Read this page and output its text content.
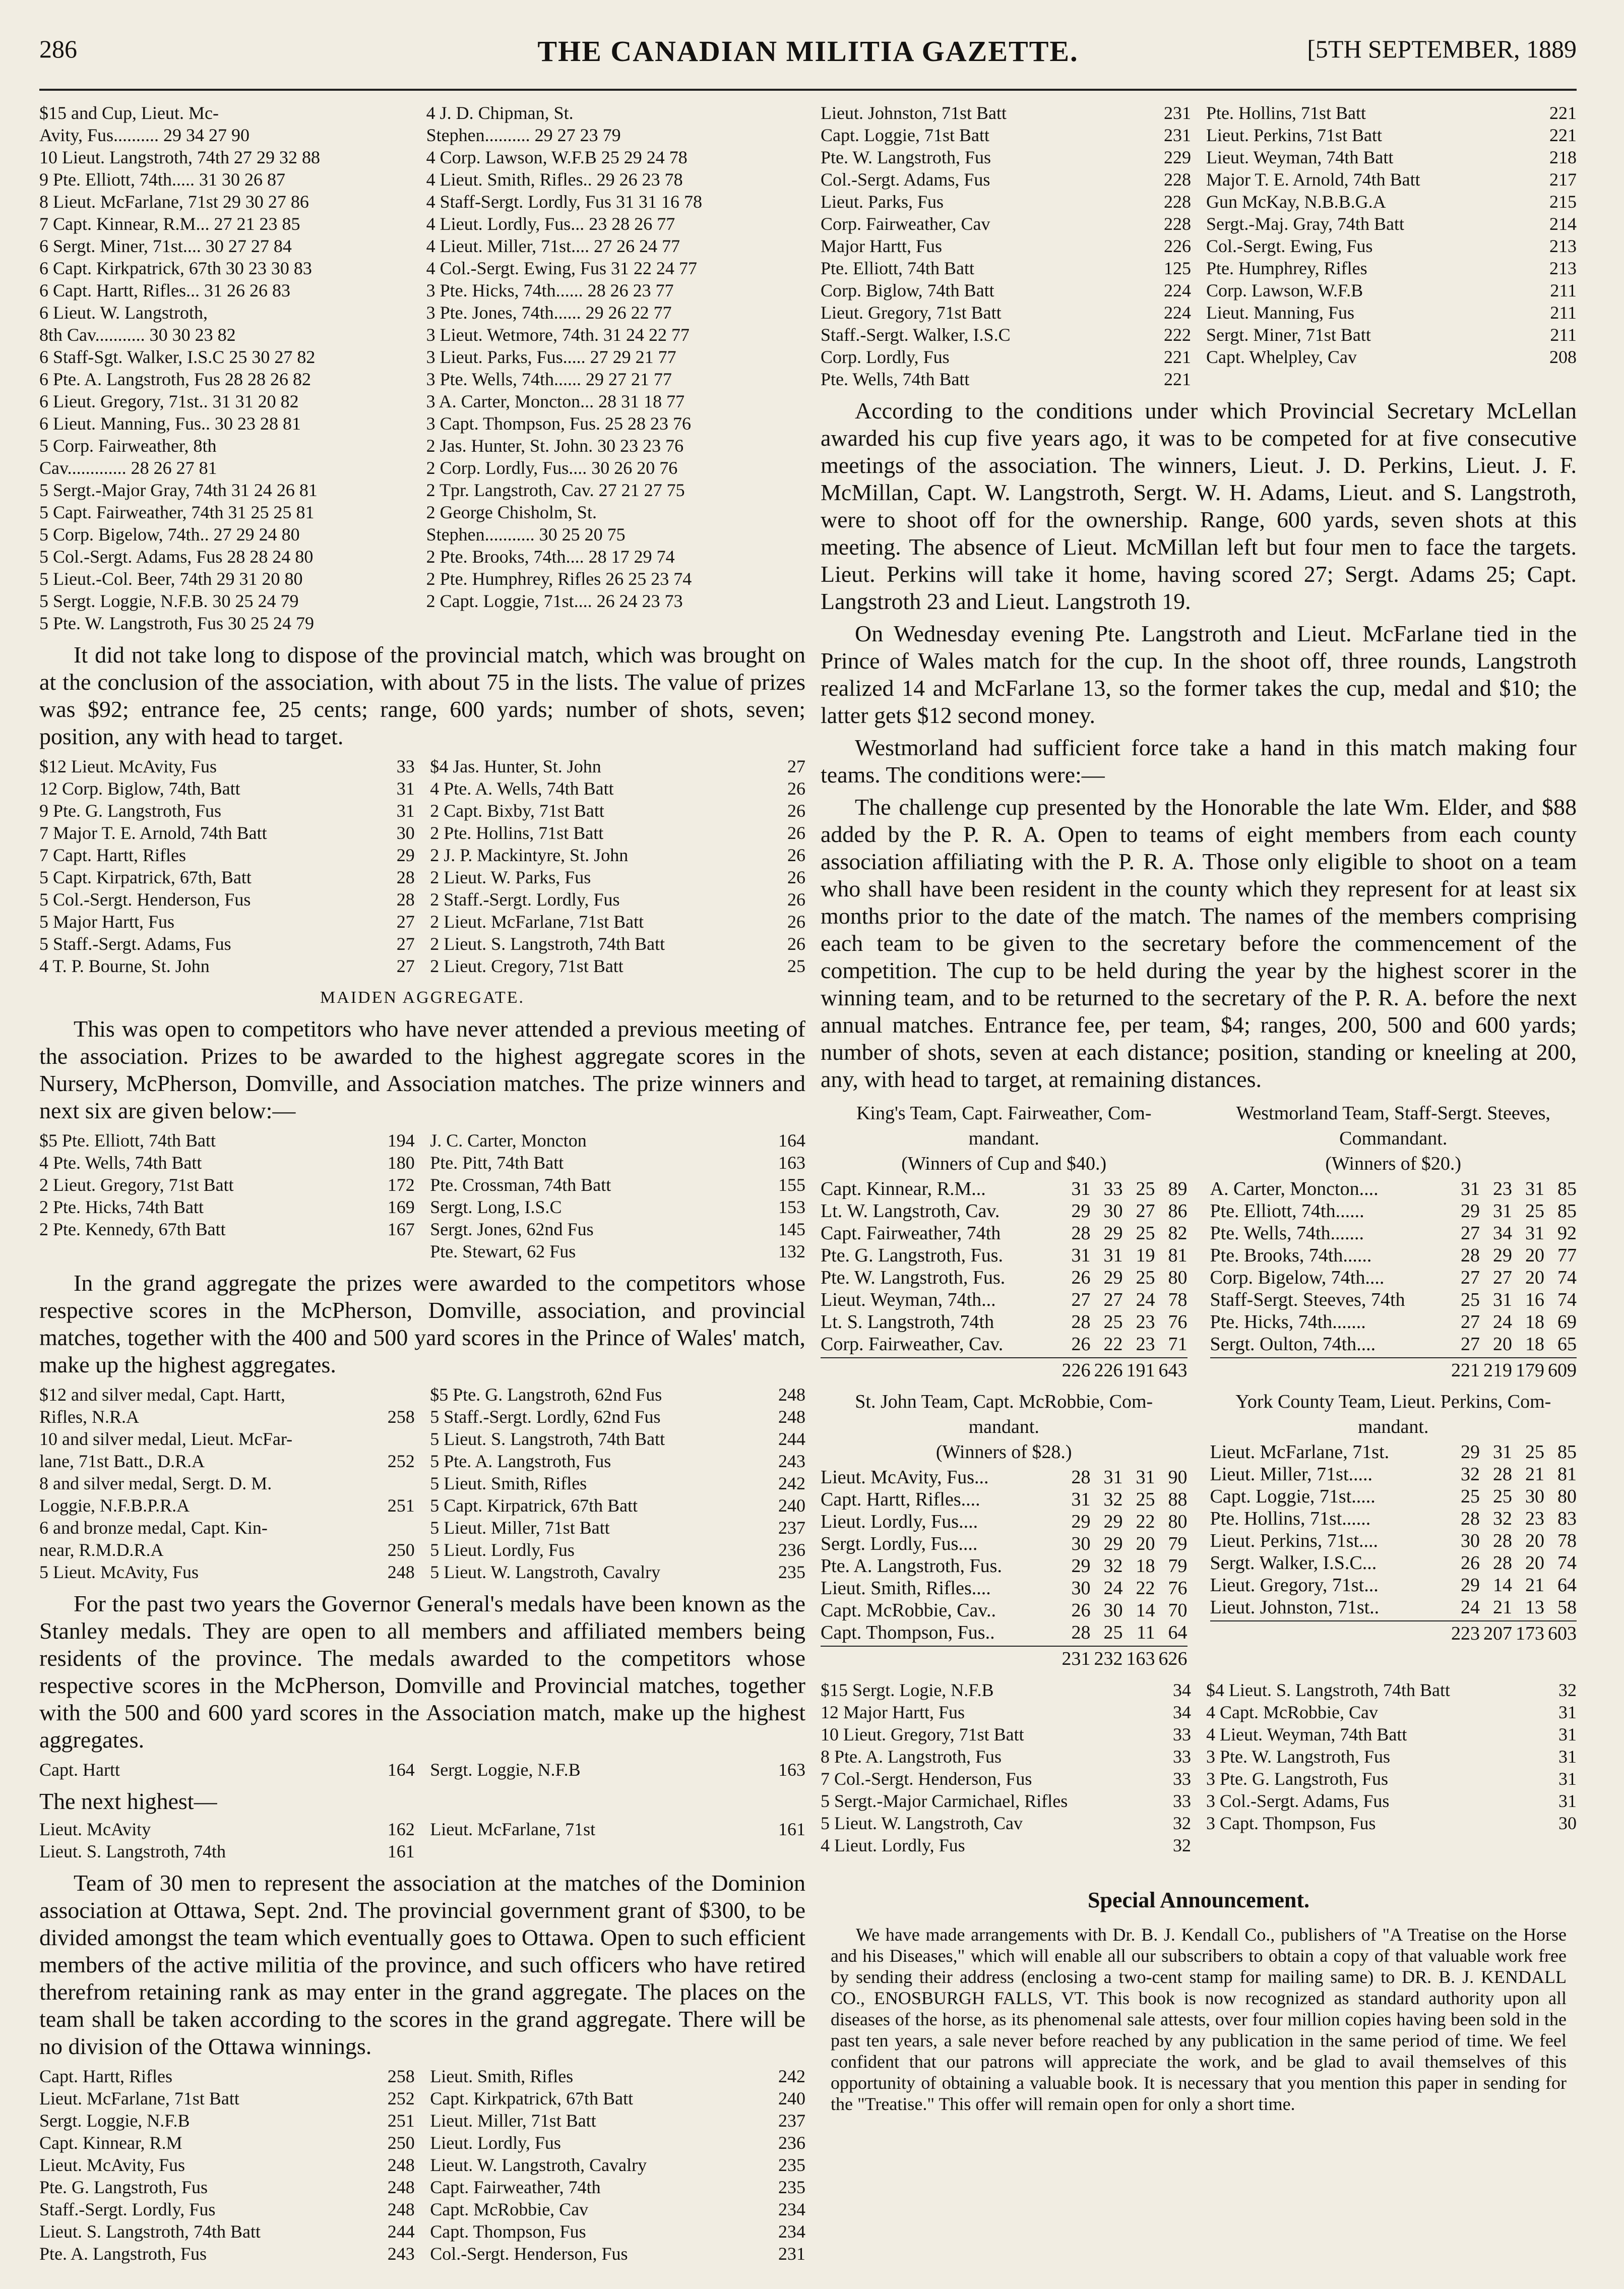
286	THE CANADIAN MILITIA GAZETTE.	[5TH SEPTEMBER, 1889
$15 and Cup, Lieut. Mc-
Avity, Fus.......... 29 34 27 90
10 Lieut. Langstroth, 74th 27 29 32 88
9 Pte. Elliott, 74th..... 31 30 26 87
8 Lieut. McFarlane, 71st 29 30 27 86
7 Capt. Kinnear, R.M... 27 21 23 85
6 Sergt. Miner, 71st.... 30 27 27 84
6 Capt. Kirkpatrick, 67th 30 23 30 83
6 Capt. Hartt, Rifles... 31 26 26 83
6 Lieut. W. Langstroth,
8th Cav........... 30 30 23 82
6 Staff-Sgt. Walker, I.S.C 25 30 27 82
6 Pte. A. Langstroth, Fus 28 28 26 82
6 Lieut. Gregory, 71st.. 31 31 20 82
6 Lieut. Manning, Fus.. 30 23 28 81
5 Corp. Fairweather, 8th
Cav............. 28 26 27 81
5 Sergt.-Major Gray, 74th 31 24 26 81
5 Capt. Fairweather, 74th 31 25 25 81
5 Corp. Bigelow, 74th.. 27 29 24 80
5 Col.-Sergt. Adams, Fus 28 28 24 80
5 Lieut.-Col. Beer, 74th 29 31 20 80
5 Sergt. Loggie, N.F.B. 30 25 24 79
5 Pte. W. Langstroth, Fus 30 25 24 79
4 J. D. Chipman, St.
Stephen.......... 29 27 23 79
4 Corp. Lawson, W.F.B 25 29 24 78
4 Lieut. Smith, Rifles.. 29 26 23 78
4 Staff-Sergt. Lordly, Fus 31 31 16 78
4 Lieut. Lordly, Fus... 23 28 26 77
4 Lieut. Miller, 71st.... 27 26 24 77
4 Col.-Sergt. Ewing, Fus 31 22 24 77
3 Pte. Hicks, 74th...... 28 26 23 77
3 Pte. Jones, 74th...... 29 26 22 77
3 Lieut. Wetmore, 74th. 31 24 22 77
3 Lieut. Parks, Fus..... 27 29 21 77
3 Pte. Wells, 74th...... 29 27 21 77
3 A. Carter, Moncton... 28 31 18 77
3 Capt. Thompson, Fus. 25 28 23 76
2 Jas. Hunter, St. John. 30 23 23 76
2 Corp. Lordly, Fus.... 30 26 20 76
2 Tpr. Langstroth, Cav. 27 21 27 75
2 George Chisholm, St.
Stephen........... 30 25 20 75
2 Pte. Brooks, 74th.... 28 17 29 74
2 Pte. Humphrey, Rifles 26 25 23 74
2 Capt. Loggie, 71st.... 26 24 23 73

It did not take long to dispose of the provincial match, which was brought on at the conclusion of the association, with about 75 in the lists. The value of prizes was $92; entrance fee, 25 cents; range, 600 yards; number of shots, seven; position, any with head to target.

$12 Lieut. McAvity, Fus	33
12 Corp. Biglow, 74th, Batt	31
9 Pte. G. Langstroth, Fus	31
7 Major T. E. Arnold, 74th Batt	30
7 Capt. Hartt, Rifles	29
5 Capt. Kirpatrick, 67th, Batt	28
5 Col.-Sergt. Henderson, Fus	28
5 Major Hartt, Fus	27
5 Staff.-Sergt. Adams, Fus	27
4 T. P. Bourne, St. John	27
$4 Jas. Hunter, St. John	27
4 Pte. A. Wells, 74th Batt	26
2 Capt. Bixby, 71st Batt	26
2 Pte. Hollins, 71st Batt	26
2 J. P. Mackintyre, St. John	26
2 Lieut. W. Parks, Fus	26
2 Staff.-Sergt. Lordly, Fus	26
2 Lieut. McFarlane, 71st Batt	26
2 Lieut. S. Langstroth, 74th Batt	26
2 Lieut. Cregory, 71st Batt	25
MAIDEN AGGREGATE.

This was open to competitors who have never attended a previous meeting of the association. Prizes to be awarded to the highest aggregate scores in the Nursery, McPherson, Domville, and Association matches. The prize winners and next six are given below:—

$5 Pte. Elliott, 74th Batt	194
4 Pte. Wells, 74th Batt	180
2 Lieut. Gregory, 71st Batt	172
2 Pte. Hicks, 74th Batt	169
2 Pte. Kennedy, 67th Batt	167
J. C. Carter, Moncton	164
Pte. Pitt, 74th Batt	163
Pte. Crossman, 74th Batt	155
Sergt. Long, I.S.C	153
Sergt. Jones, 62nd Fus	145
Pte. Stewart, 62 Fus	132

In the grand aggregate the prizes were awarded to the competitors whose respective scores in the McPherson, Domville, association, and provincial matches, together with the 400 and 500 yard scores in the Prince of Wales' match, make up the highest aggregates.

$12 and silver medal, Capt. Hartt,
Rifles, N.R.A	258
10 and silver medal, Lieut. McFar-
lane, 71st Batt., D.R.A	252
8 and silver medal, Sergt. D. M.
Loggie, N.F.B.P.R.A	251
6 and bronze medal, Capt. Kin-
near, R.M.D.R.A	250
5 Lieut. McAvity, Fus	248
$5 Pte. G. Langstroth, 62nd Fus	248
5 Staff.-Sergt. Lordly, 62nd Fus	248
5 Lieut. S. Langstroth, 74th Batt	244
5 Pte. A. Langstroth, Fus	243
5 Lieut. Smith, Rifles	242
5 Capt. Kirpatrick, 67th Batt	240
5 Lieut. Miller, 71st Batt	237
5 Lieut. Lordly, Fus	236
5 Lieut. W. Langstroth, Cavalry	235

For the past two years the Governor General's medals have been known as the Stanley medals. They are open to all members and affiliated members being residents of the province. The medals awarded to the competitors whose respective scores in the McPherson, Domville and Provincial matches, together with the 500 and 600 yard scores in the Association match, make up the highest aggregates.

Capt. Hartt	164 Sergt. Loggie, N.F.B	163

The next highest—

Lieut. McAvity	162
Lieut. S. Langstroth, 74th	161
Lieut. McFarlane, 71st	161

Team of 30 men to represent the association at the matches of the Dominion association at Ottawa, Sept. 2nd. The provincial government grant of $300, to be divided amongst the team which eventually goes to Ottawa. Open to such efficient members of the active militia of the province, and such officers who have retired therefrom retaining rank as may enter in the grand aggregate. The places on the team shall be taken according to the scores in the grand aggregate. There will be no division of the Ottawa winnings.

Capt. Hartt, Rifles	258
Lieut. McFarlane, 71st Batt	252
Sergt. Loggie, N.F.B	251
Capt. Kinnear, R.M	250
Lieut. McAvity, Fus	248
Pte. G. Langstroth, Fus	248
Staff.-Sergt. Lordly, Fus	248
Lieut. S. Langstroth, 74th Batt	244
Pte. A. Langstroth, Fus	243
Lieut. Smith, Rifles	242
Capt. Kirkpatrick, 67th Batt	240
Lieut. Miller, 71st Batt	237
Lieut. Lordly, Fus	236
Lieut. W. Langstroth, Cavalry	235
Capt. Fairweather, 74th	235
Capt. McRobbie, Cav	234
Capt. Thompson, Fus	234
Col.-Sergt. Henderson, Fus	231
Lieut. Johnston, 71st Batt	231
Capt. Loggie, 71st Batt	231
Pte. W. Langstroth, Fus	229
Col.-Sergt. Adams, Fus	228
Lieut. Parks, Fus	228
Corp. Fairweather, Cav	228
Major Hartt, Fus	226
Pte. Elliott, 74th Batt	125
Corp. Biglow, 74th Batt	224
Lieut. Gregory, 71st Batt	224
Staff.-Sergt. Walker, I.S.C	222
Corp. Lordly, Fus	221
Pte. Wells, 74th Batt	221
Pte. Hollins, 71st Batt	221
Lieut. Perkins, 71st Batt	221
Lieut. Weyman, 74th Batt	218
Major T. E. Arnold, 74th Batt	217
Gun McKay, N.B.B.G.A	215
Sergt.-Maj. Gray, 74th Batt	214
Col.-Sergt. Ewing, Fus	213
Pte. Humphrey, Rifles	213
Corp. Lawson, W.F.B	211
Lieut. Manning, Fus	211
Sergt. Miner, 71st Batt	211
Capt. Whelpley, Cav	208

According to the conditions under which Provincial Secretary McLellan awarded his cup five years ago, it was to be competed for at five consecutive meetings of the association. The winners, Lieut. J. D. Perkins, Lieut. J. F. McMillan, Capt. W. Langstroth, Sergt. W. H. Adams, Lieut. and S. Langstroth, were to shoot off for the ownership. Range, 600 yards, seven shots at this meeting. The absence of Lieut. McMillan left but four men to face the targets. Lieut. Perkins will take it home, having scored 27; Sergt. Adams 25; Capt. Langstroth 23 and Lieut. Langstroth 19.

On Wednesday evening Pte. Langstroth and Lieut. McFarlane tied in the Prince of Wales match for the cup. In the shoot off, three rounds, Langstroth realized 14 and McFarlane 13, so the former takes the cup, medal and $10; the latter gets $12 second money.

Westmorland had sufficient force take a hand in this match making four teams. The conditions were:—

The challenge cup presented by the Honorable the late Wm. Elder, and $88 added by the P. R. A. Open to teams of eight members from each county association affiliating with the P. R. A. Those only eligible to shoot on a team who shall have been resident in the county which they represent for at least six months prior to the date of the match. The names of the members comprising each team to be given to the secretary before the commencement of the competition. The cup to be held during the year by the highest scorer in the winning team, and to be returned to the secretary of the P. R. A. before the next annual matches. Entrance fee, per team, $4; ranges, 200, 500 and 600 yards; number of shots, seven at each distance; position, standing or kneeling at 200, any, with head to target, at remaining distances.

King's Team, Capt. Fairweather, Com-
mandant.
(Winners of Cup and $40.)
Capt. Kinnear, R.M...	31 33 25 89
Lt. W. Langstroth, Cav.	29 30 27 86
Capt. Fairweather, 74th	28 29 25 82
Pte. G. Langstroth, Fus.	31 31 19 81
Pte. W. Langstroth, Fus.	26 29 25 80
Lieut. Weyman, 74th...	27 27 24 78
Lt. S. Langstroth, 74th	28 25 23 76
Corp. Fairweather, Cav.	26 22 23 71
226 226 191 643
Westmorland Team, Staff-Sergt. Steeves,
Commandant.
(Winners of $20.)
A. Carter, Moncton....	31 23 31 85
Pte. Elliott, 74th......	29 31 25 85
Pte. Wells, 74th.......	27 34 31 92
Pte. Brooks, 74th......	28 29 20 77
Corp. Bigelow, 74th....	27 27 20 74
Staff-Sergt. Steeves, 74th	25 31 16 74
Pte. Hicks, 74th.......	27 24 18 69
Sergt. Oulton, 74th....	27 20 18 65
221 219 179 609
St. John Team, Capt. McRobbie, Com-
mandant.
(Winners of $28.)
Lieut. McAvity, Fus...	28 31 31 90
Capt. Hartt, Rifles....	31 32 25 88
Lieut. Lordly, Fus....	29 29 22 80
Sergt. Lordly, Fus....	30 29 20 79
Pte. A. Langstroth, Fus.	29 32 18 79
Lieut. Smith, Rifles....	30 24 22 76
Capt. McRobbie, Cav..	26 30 14 70
Capt. Thompson, Fus..	28 25 11 64
231 232 163 626
York County Team, Lieut. Perkins, Com-
mandant.
Lieut. McFarlane, 71st.	29 31 25 85
Lieut. Miller, 71st.....	32 28 21 81
Capt. Loggie, 71st.....	25 25 30 80
Pte. Hollins, 71st......	28 32 23 83
Lieut. Perkins, 71st....	30 28 20 78
Sergt. Walker, I.S.C...	26 28 20 74
Lieut. Gregory, 71st...	29 14 21 64
Lieut. Johnston, 71st..	24 21 13 58
223 207 173 603
$15 Sergt. Logie, N.F.B	34
12 Major Hartt, Fus	34
10 Lieut. Gregory, 71st Batt	33
8 Pte. A. Langstroth, Fus	33
7 Col.-Sergt. Henderson, Fus	33
5 Sergt.-Major Carmichael, Rifles	33
5 Lieut. W. Langstroth, Cav	32
4 Lieut. Lordly, Fus	32
$4 Lieut. S. Langstroth, 74th Batt	32
4 Capt. McRobbie, Cav	31
4 Lieut. Weyman, 74th Batt	31
3 Pte. W. Langstroth, Fus	31
3 Pte. G. Langstroth, Fus	31
3 Col.-Sergt. Adams, Fus	31
3 Capt. Thompson, Fus	30
Special Announcement.

We have made arrangements with Dr. B. J. Kendall Co., publishers of "A Treatise on the Horse and his Diseases," which will enable all our subscribers to obtain a copy of that valuable work free by sending their address (enclosing a two-cent stamp for mailing same) to DR. B. J. KENDALL CO., ENOSBURGH FALLS, VT. This book is now recognized as standard authority upon all diseases of the horse, as its phenomenal sale attests, over four million copies having been sold in the past ten years, a sale never before reached by any publication in the same period of time. We feel confident that our patrons will appreciate the work, and be glad to avail themselves of this opportunity of obtaining a valuable book. It is necessary that you mention this paper in sending for the "Treatise." This offer will remain open for only a short time.
